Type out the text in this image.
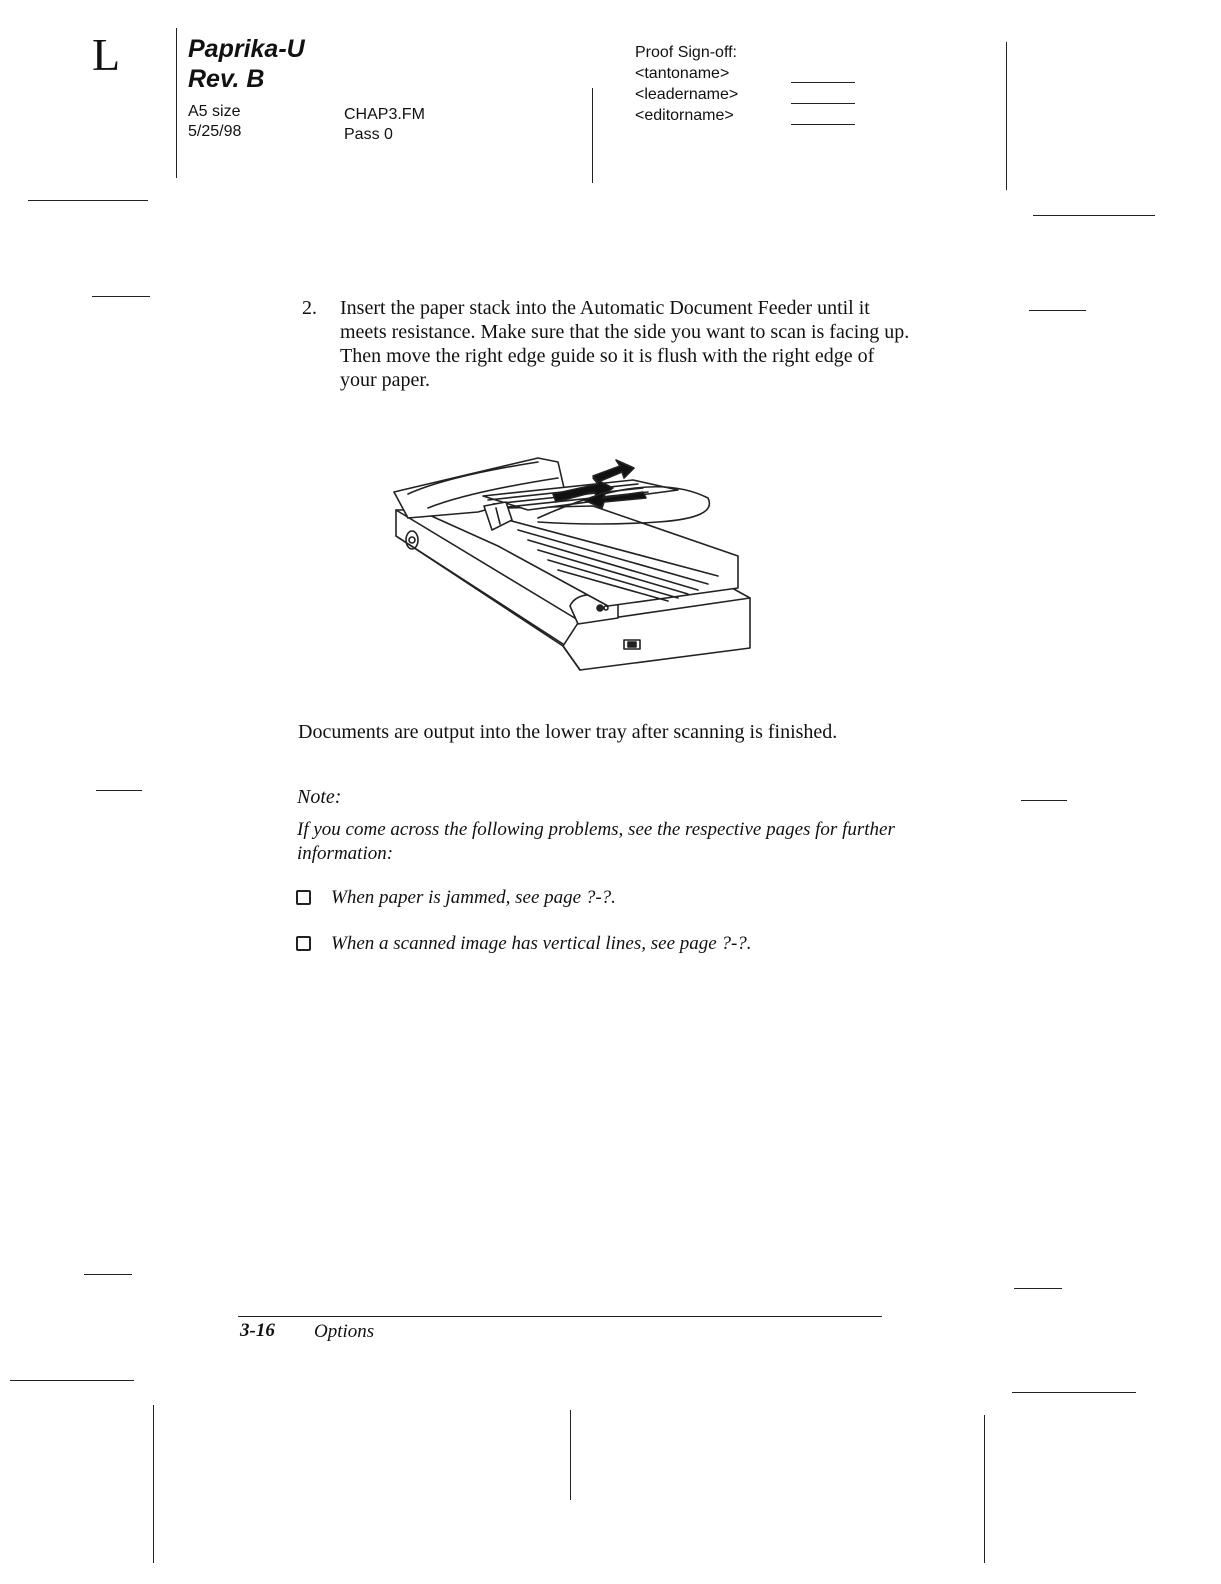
L	Paprika-U
Rev. B
A5 size
5/25/98
CHAP3.FM
Pass 0
Proof Sign-off:
<tantoname>
<leadername>
<editorname>
2. Insert the paper stack into the Automatic Document Feeder until it meets resistance. Make sure that the side you want to scan is facing up. Then move the right edge guide so it is flush with the right edge of your paper.
Documents are output into the lower tray after scanning is finished.
Note:
If you come across the following problems, see the respective pages for further information:
When paper is jammed, see page ?-?.
When a scanned image has vertical lines, see page ?-?.
3-16 Options
